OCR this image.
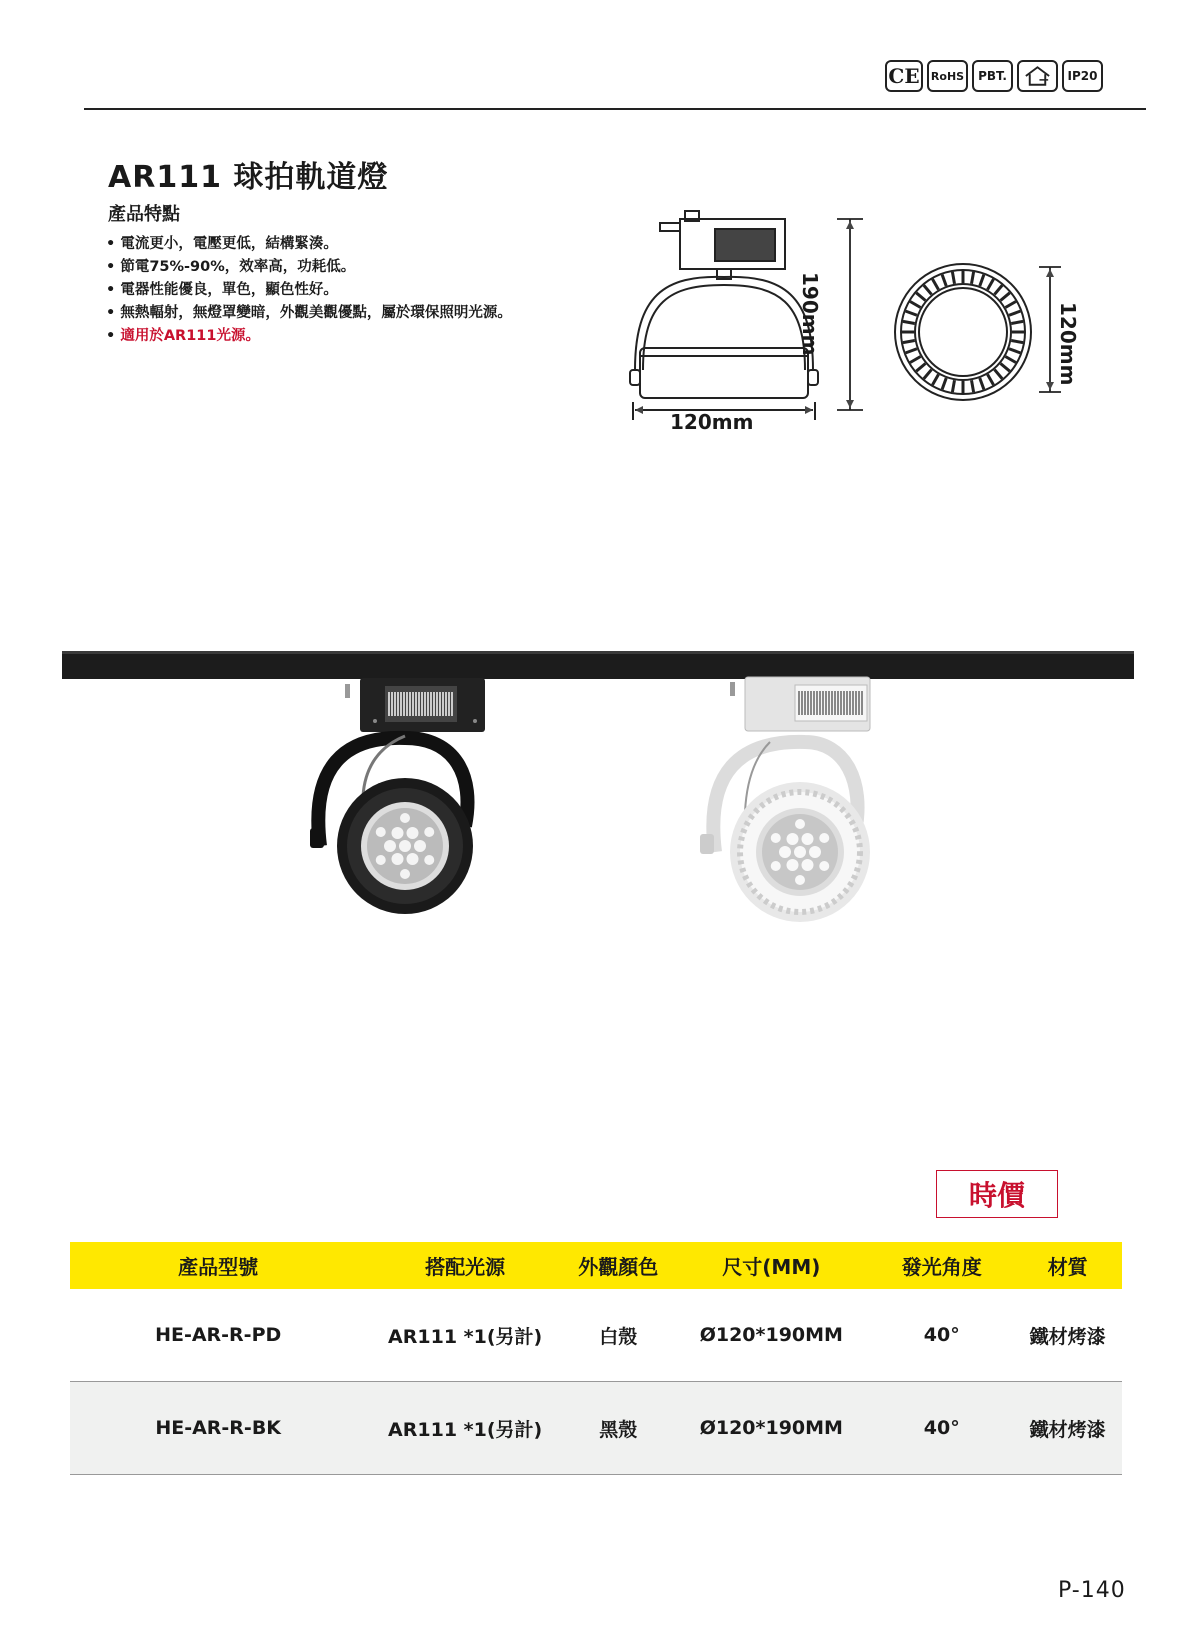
CE	RoHS	PBT.	IP20
AR111 球拍軌道燈
產品特點
• 電流更小，電壓更低，結構緊湊。
• 節電75%-90%，效率高，功耗低。
• 電器性能優良，單色，顯色性好。
• 無熱輻射，無燈罩變暗，外觀美觀優點，屬於環保照明光源。
• 適用於AR111光源。
120mm
190mm	120mm
時價
產品型號	搭配光源	外觀顏色	尺寸(MM)	發光角度	材質
HE-AR-R-PD	AR111 *1(另計)	白殼	Ø120*190MM	40°	鐵材烤漆
HE-AR-R-BK	AR111 *1(另計)	黑殼	Ø120*190MM	40°	鐵材烤漆
P-140
